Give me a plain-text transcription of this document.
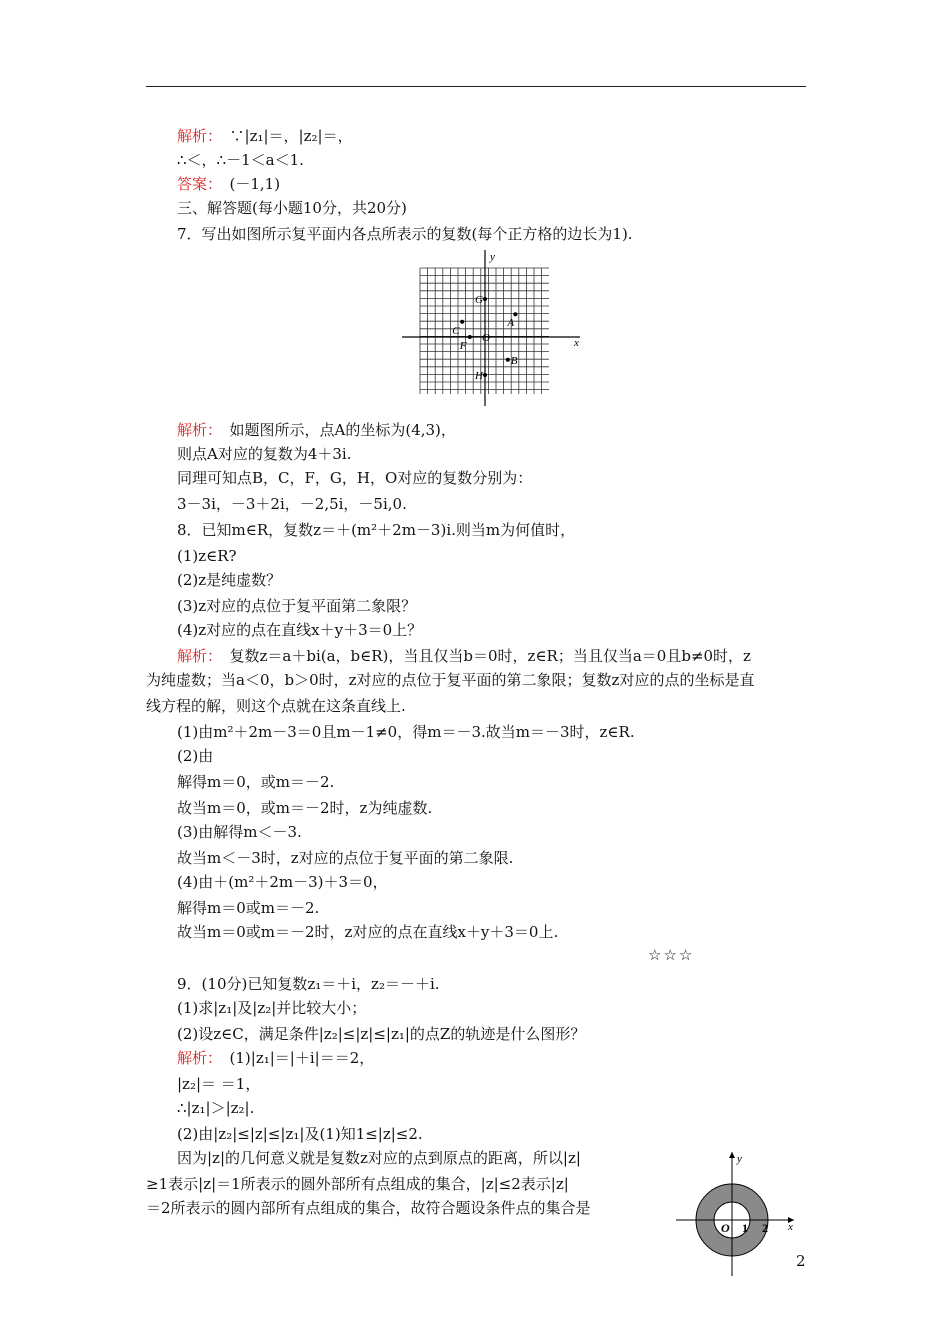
解析：　∵|z₁|＝，|z₂|＝，
∴＜，∴－1＜a＜1.
答案：　(－1,1)
三、解答题(每小题10分，共20分)
7．写出如图所示复平面内各点所表示的复数(每个正方格的边长为1).
解析：　如题图所示，点A的坐标为(4,3)，
则点A对应的复数为4＋3i.
同理可知点B，C，F，G，H，O对应的复数分别为：
3－3i，－3＋2i，－2,5i，－5i,0.
8．已知m∈R，复数z＝＋(m²＋2m－3)i.则当m为何值时，
(1)z∈R?
(2)z是纯虚数？
(3)z对应的点位于复平面第二象限？
(4)z对应的点在直线x＋y＋3＝0上？
解析：　复数z＝a＋bi(a，b∈R)，当且仅当b＝0时，z∈R；当且仅当a＝0且b≠0时，z
为纯虚数；当a＜0，b＞0时，z对应的点位于复平面的第二象限；复数z对应的点的坐标是直
线方程的解，则这个点就在这条直线上.
(1)由m²＋2m－3＝0且m－1≠0，得m＝－3.故当m＝－3时，z∈R.
(2)由
解得m＝0，或m＝－2.
故当m＝0，或m＝－2时，z为纯虚数.
(3)由解得m＜－3.
故当m＜－3时，z对应的点位于复平面的第二象限.
(4)由＋(m²＋2m－3)＋3＝0，
解得m＝0或m＝－2.
故当m＝0或m＝－2时，z对应的点在直线x＋y＋3＝0上.
9．(10分)已知复数z₁＝＋i，z₂＝－＋i.
(1)求|z₁|及|z₂|并比较大小；
(2)设z∈C，满足条件|z₂|≤|z|≤|z₁|的点Z的轨迹是什么图形？
解析：　(1)|z₁|＝|＋i|＝＝2，
|z₂|＝ ＝1，
∴|z₁|＞|z₂|.
(2)由|z₂|≤|z|≤|z₁|及(1)知1≤|z|≤2.
因为|z|的几何意义就是复数z对应的点到原点的距离，所以|z|
≥1表示|z|＝1所表示的圆外部所有点组成的集合，|z|≤2表示|z|
＝2所表示的圆内部所有点组成的集合，故符合题设条件点的集合是
☆☆☆
x
y
O
A
B
C
F
G
H
x
y
O 1 2
2
